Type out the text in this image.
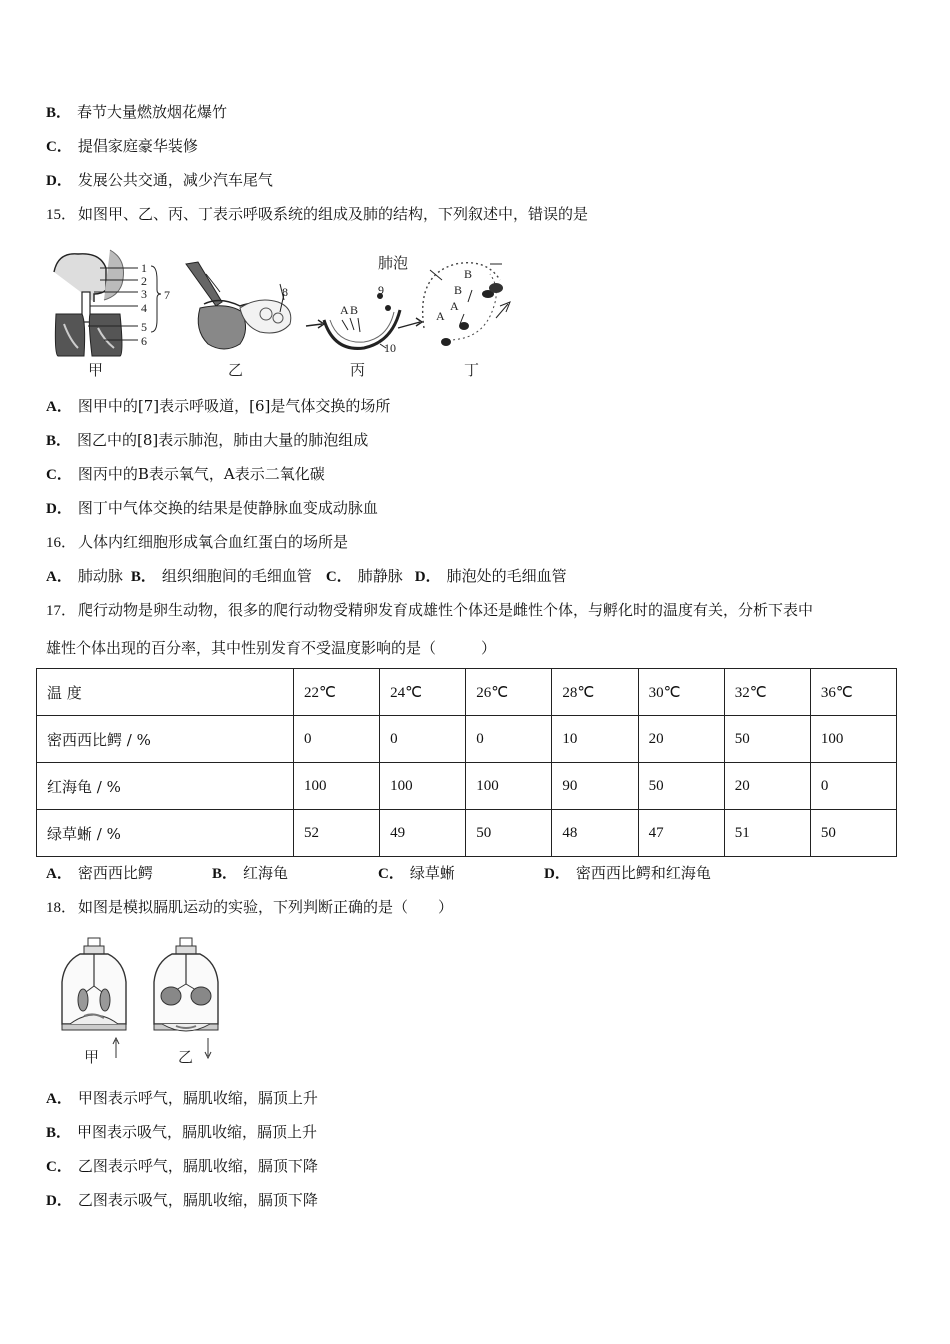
B． 春节大量燃放烟花爆竹
C． 提倡家庭豪华装修
D． 发展公共交通，减少汽车尾气
15． 如图甲、乙、丙、丁表示呼吸系统的组成及肺的结构，下列叙述中，错误的是
1
2
3
4
5
6
7
甲
8
乙
A B
9
10
丙
肺泡
A
B
A
B
丁
A． 图甲中的[7]表示呼吸道，[6]是气体交换的场所
B． 图乙中的[8]表示肺泡，肺由大量的肺泡组成
C． 图丙中的B表示氧气，A表示二氧化碳
D． 图丁中气体交换的结果是使静脉血变成动脉血
16． 人体内红细胞形成氧合血红蛋白的场所是
A． 肺动脉 B． 组织细胞间的毛细血管 C． 肺静脉 D． 肺泡处的毛细血管
17． 爬行动物是卵生动物，很多的爬行动物受精卵发育成雄性个体还是雌性个体，与孵化时的温度有关，分析下表中
雄性个体出现的百分率，其中性别发育不受温度影响的是（　　　）
温 度	22℃	24℃	26℃	28℃	30℃	32℃	36℃
密西西比鳄 / %	0	0	0	10	20	50	100
红海龟 / %	100	100	100	90	50	20	0
绿草蜥 / %	52	49	50	48	47	51	50
A． 密西西比鳄	B． 红海龟	C． 绿草蜥	D． 密西西比鳄和红海龟
18． 如图是模拟膈肌运动的实验，下列判断正确的是（　　）
甲	乙
A． 甲图表示呼气，膈肌收缩，膈顶上升
B． 甲图表示吸气，膈肌收缩，膈顶上升
C． 乙图表示呼气，膈肌收缩，膈顶下降
D． 乙图表示吸气，膈肌收缩，膈顶下降
